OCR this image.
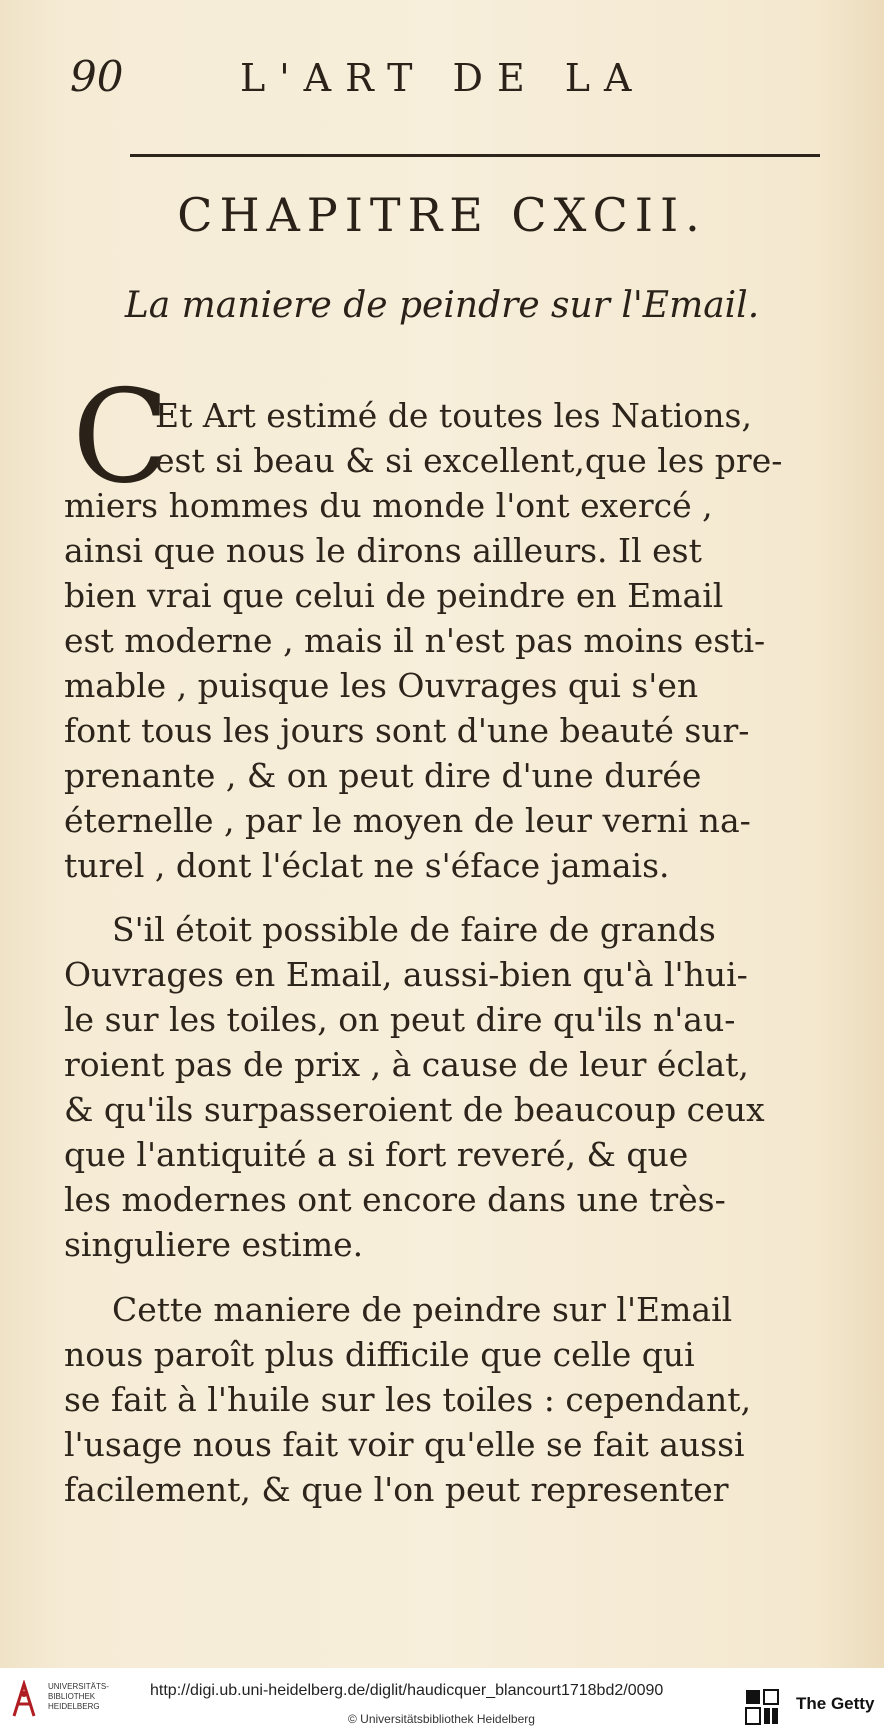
90	L'ART DE LA
CHAPITRE CXCII.
La maniere de peindre sur l'Email.
C
Et Art estimé de toutes les Nations,
est si beau & si excellent,que les pre-
miers hommes du monde l'ont exercé ,
ainsi que nous le dirons ailleurs. Il est
bien vrai que celui de peindre en Email
est moderne , mais il n'est pas moins esti-
mable , puisque les Ouvrages qui s'en
font tous les jours sont d'une beauté sur-
prenante , & on peut dire d'une durée
éternelle , par le moyen de leur verni na-
turel , dont l'éclat ne s'éface jamais.
S'il étoit possible de faire de grands
Ouvrages en Email, aussi-bien qu'à l'hui-
le sur les toiles, on peut dire qu'ils n'au-
roient pas de prix , à cause de leur éclat,
& qu'ils surpasseroient de beaucoup ceux
que l'antiquité a si fort reveré, & que
les modernes ont encore dans une très-
singuliere estime.
Cette maniere de peindre sur l'Email
nous paroît plus difficile que celle qui
se fait à l'huile sur les toiles : cependant,
l'usage nous fait voir qu'elle se fait aussi
facilement, & que l'on peut representer
UNIVERSITÄTS-
BIBLIOTHEK
HEIDELBERG
http://digi.ub.uni-heidelberg.de/diglit/haudicquer_blancourt1718bd2/0090
© Universitätsbibliothek Heidelberg
The Getty
